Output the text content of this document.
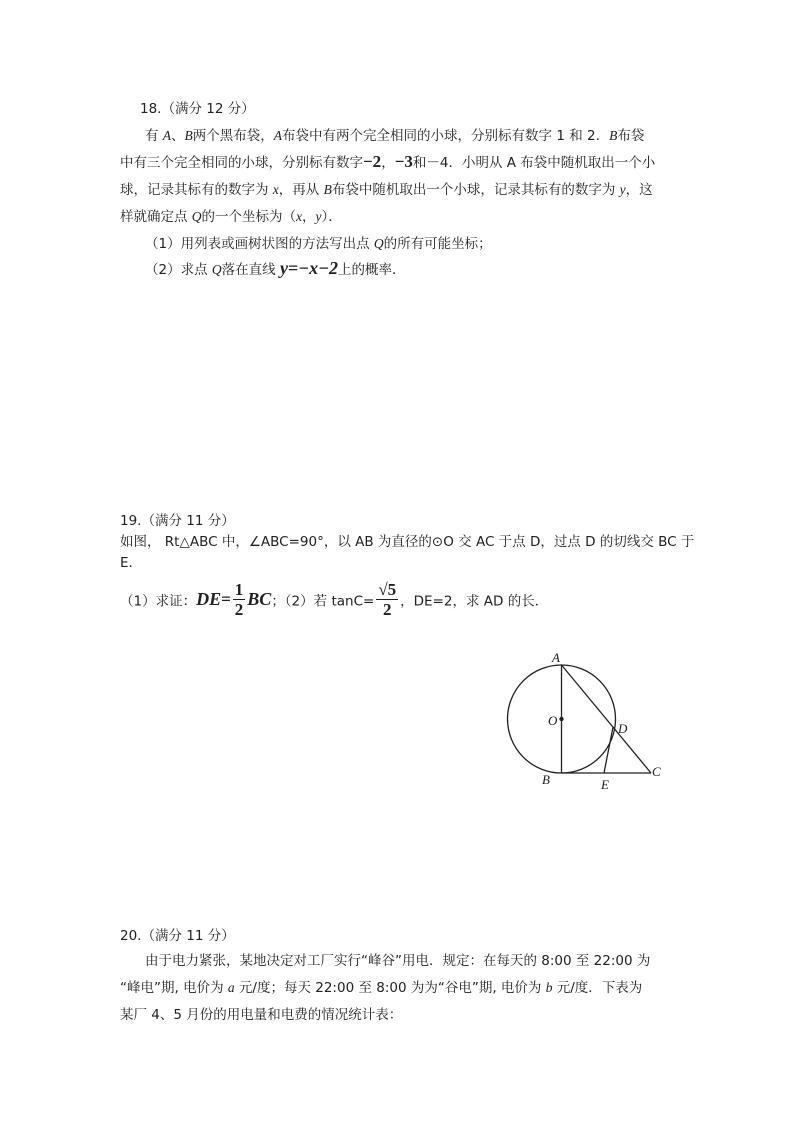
18.（满分 12 分）
有 A、B两个黑布袋，A布袋中有两个完全相同的小球，分别标有数字 1 和 2．B布袋
中有三个完全相同的小球，分别标有数字−2，−3和－4．小明从 A 布袋中随机取出一个小
球，记录其标有的数字为 x，再从 B布袋中随机取出一个小球，记录其标有的数字为 y，这
样就确定点 Q的一个坐标为（x，y）．
（1）用列表或画树状图的方法写出点 Q的所有可能坐标；
（2）求点 Q落在直线 y=−x−2上的概率．
19.（满分 11 分）
如图， Rt△ABC 中，∠ABC=90°，以 AB 为直径的⊙O 交 AC 于点 D，过点 D 的切线交 BC 于
E．
（1）求证：$DE= \frac{1}{2}$ BC；（2）若 $\tan C= \frac{√5}{2}$ ，DE=2，求 AD 的长．
A
O
D
B	E
C
20.（满分 11 分）
由于电力紧张，某地决定对工厂实行“峰谷”用电．规定：在每天的 8:00 至 22:00 为
“峰电”期, 电价为 a 元/度；每天 22:00 至 8:00 为为“谷电”期, 电价为 b 元/度．下表为
某厂 4、5 月份的用电量和电费的情况统计表：
